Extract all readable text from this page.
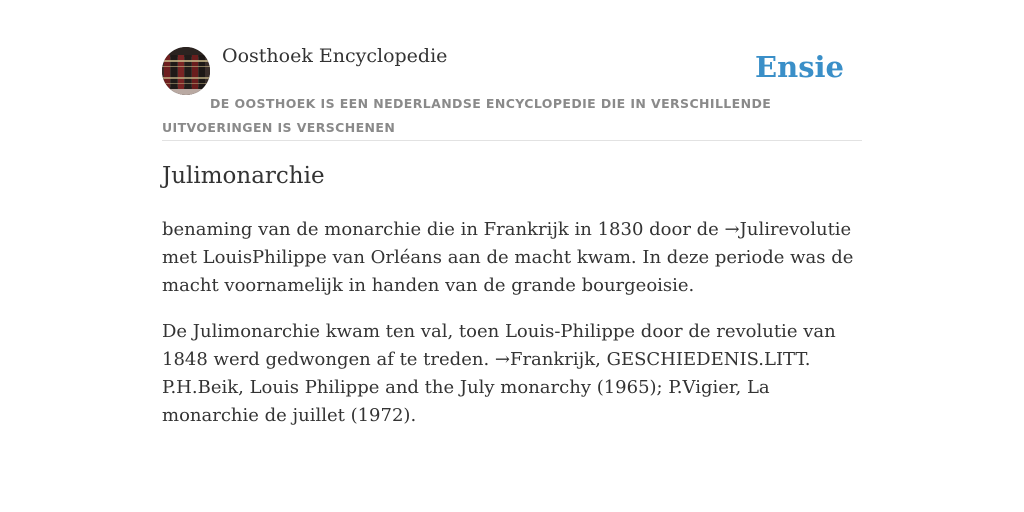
Oosthoek Encyclopedie	Ensie
DE OOSTHOEK IS EEN NEDERLANDSE ENCYCLOPEDIE DIE IN VERSCHILLENDE UITVOERINGEN IS VERSCHENEN
Julimonarchie

benaming van de monarchie die in Frankrijk in 1830 door de →Julirevolutie met LouisPhilippe van Orléans aan de macht kwam. In deze periode was de macht voornamelijk in handen van de grande bourgeoisie.

De Julimonarchie kwam ten val, toen Louis-Philippe door de revolutie van 1848 werd gedwongen af te treden. →Frankrijk, GESCHIEDENIS.LITT. P.H.Beik, Louis Philippe and the July monarchy (1965); P.Vigier, La monarchie de juillet (1972).
